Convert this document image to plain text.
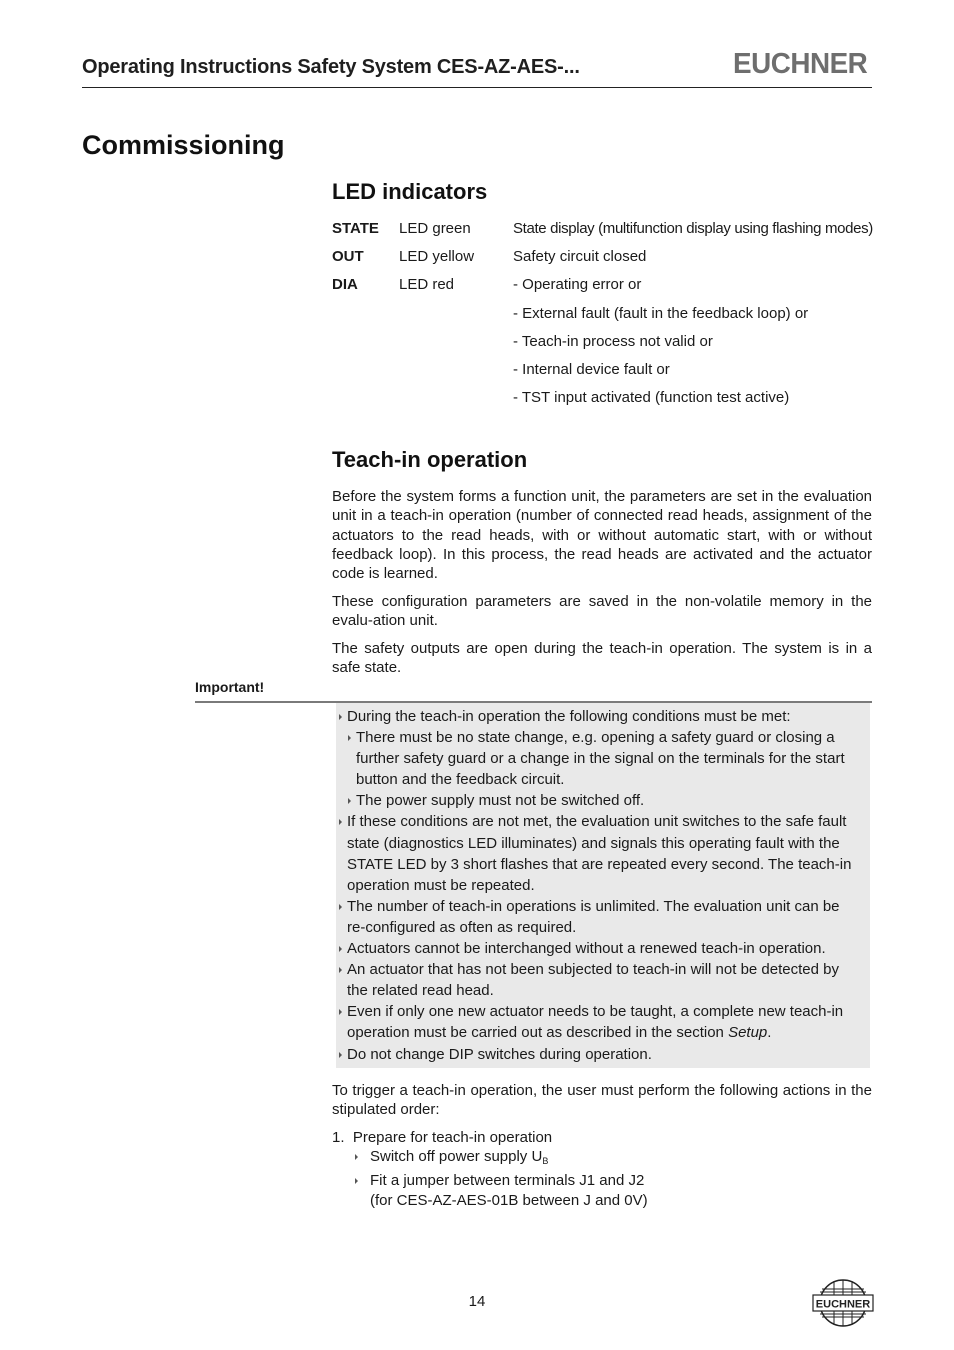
Operating Instructions Safety System CES-AZ-AES-...	EUCHNER
Commissioning
LED indicators
STATE LED green	State display (multifunction display using flashing modes)
OUT LED yellow	Safety circuit closed
DIA	LED red	- Operating error or
- External fault (fault in the feedback loop) or
- Teach-in process not valid or
- Internal device fault or
- TST input activated (function test active)
Teach-in operation

Before the system forms a function unit, the parameters are set in the evaluation unit in a teach-in operation (number of connected read heads, assignment of the actuators to the read heads, with or without automatic start, with or without feedback loop). In this process, the read heads are activated and the actuator code is learned.

These configuration parameters are saved in the non-volatile memory in the evalu-ation unit.

The safety outputs are open during the teach-in operation. The system is in a safe state.

Important!
During the teach-in operation the following conditions must be met:
There must be no state change, e.g. opening a safety guard or closing a further safety guard or a change in the signal on the terminals for the start button and the feedback circuit.
The power supply must not be switched off.
If these conditions are not met, the evaluation unit switches to the safe fault state (diagnostics LED illuminates) and signals this operating fault with the STATE LED by 3 short flashes that are repeated every second. The teach-in operation must be repeated.
The number of teach-in operations is unlimited. The evaluation unit can be re-configured as often as required.
Actuators cannot be interchanged without a renewed teach-in operation.
An actuator that has not been subjected to teach-in will not be detected by the related read head.
Even if only one new actuator needs to be taught, a complete new teach-in operation must be carried out as described in the section Setup.
Do not change DIP switches during operation.

To trigger a teach-in operation, the user must perform the following actions in the stipulated order:

1.  Prepare for teach-in operation
Switch off power supply $U_B$
Fit a jumper between terminals J1 and J2
(for CES-AZ-AES-01B between J and 0V)
14	EUCHNER
